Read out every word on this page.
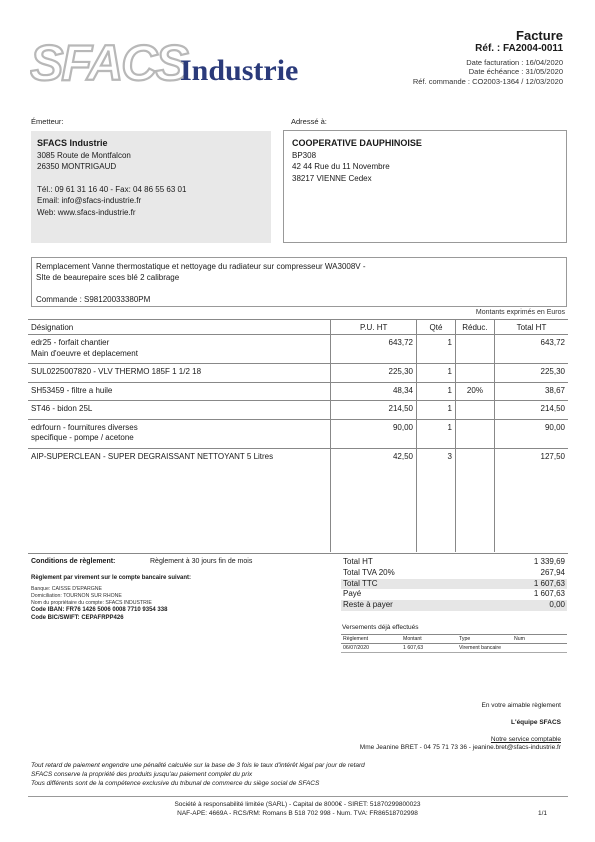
SFACS
Industrie
Facture
Réf. : FA2004-0011
Date facturation : 16/04/2020
Date échéance : 31/05/2020
Réf. commande : CO2003-1364 / 12/03/2020
Émetteur:	Adressé à:
SFACS Industrie
3085 Route de Montfalcon
26350 MONTRIGAUD
Tél.: 09 61 31 16 40 - Fax: 04 86 55 63 01
Email: info@sfacs-industrie.fr
Web: www.sfacs-industrie.fr
COOPERATIVE DAUPHINOISE
BP308
42 44 Rue du 11 Novembre
38217 VIENNE Cedex
Remplacement Vanne thermostatique et nettoyage du radiateur sur compresseur WA3008V -
SIte de beaurepaire sces blé 2 calibrage
Commande : S98120033380PM
Montants exprimés en Euros
Désignation	P.U. HT	Qté	Réduc.	Total HT

edr25 - forfait chantier
Main d'oeuvre et deplacement	643,72	1		643,72

SUL0225007820 - VLV THERMO 185F 1 1/2 18	225,30	1		225,30

SH53459 - filtre a huile	48,34	1	20%	38,67

ST46 - bidon 25L	214,50	1		214,50

edrfourn - fournitures diverses
specifique - pompe / acetone	90,00	1		90,00

AIP-SUPERCLEAN - SUPER DEGRAISSANT NETTOYANT 5 Litres	42,50	3		127,50
Conditions de règlement:	Règlement à 30 jours fin de mois
Règlement par virement sur le compte bancaire suivant:
Banque: CAISSE D'EPARGNE
Domiciliation: TOURNON SUR RHONE
Nom du propriétaire du compte: SFACS INDUSTRIE
Code IBAN: FR76 1426 5006 0008 7710 9354 338
Code BIC/SWIFT: CEPAFRPP426
Total HT	1 339,69
Total TVA 20%	267,94
Total TTC	1 607,63
Payé	1 607,63
Reste à payer	0,00
Versements déjà effectués
Règlement	Montant	Type	Num
06/07/2020	1 607,63	Virement bancaire	
En votre aimable règlement
L'équipe SFACS
Notre service comptable
Mme Jeanine BRET - 04 75 71 73 36 - jeanine.bret@sfacs-industrie.fr
Tout retard de paiement engendre une pénalité calculée sur la base de 3 fois le taux d'intérêt légal par jour de retard
SFACS conserve la propriété des produits jusqu'au paiement complet du prix
Tous différents sont de la compétence exclusive du tribunal de commerce du siège social de SFACS
Société à responsabilité limitée (SARL) - Capital de 8000€ - SIRET: 51870299800023
NAF-APE: 4669A - RCS/RM: Romans B 518 702 998 - Num. TVA: FR86518702998	1/1
